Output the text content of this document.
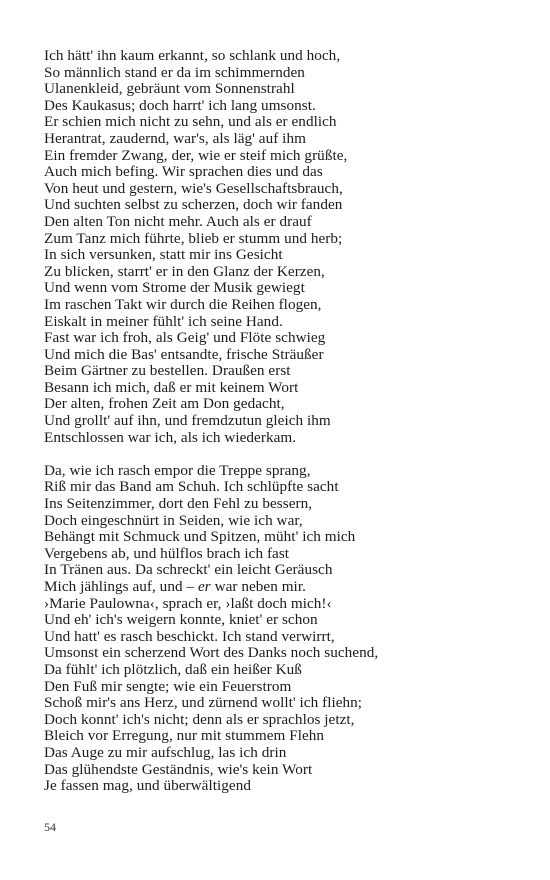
Ich hätt' ihn kaum erkannt, so schlank und hoch,
So männlich stand er da im schimmernden
Ulanenkleid, gebräunt vom Sonnenstrahl
Des Kaukasus; doch harrt' ich lang umsonst.
Er schien mich nicht zu sehn, und als er endlich
Herantrat, zaudernd, war's, als läg' auf ihm
Ein fremder Zwang, der, wie er steif mich grüßte,
Auch mich befing. Wir sprachen dies und das
Von heut und gestern, wie's Gesellschaftsbrauch,
Und suchten selbst zu scherzen, doch wir fanden
Den alten Ton nicht mehr. Auch als er drauf
Zum Tanz mich führte, blieb er stumm und herb;
In sich versunken, statt mir ins Gesicht
Zu blicken, starrt' er in den Glanz der Kerzen,
Und wenn vom Strome der Musik gewiegt
Im raschen Takt wir durch die Reihen flogen,
Eiskalt in meiner fühlt' ich seine Hand.
Fast war ich froh, als Geig' und Flöte schwieg
Und mich die Bas' entsandte, frische Sträußer
Beim Gärtner zu bestellen. Draußen erst
Besann ich mich, daß er mit keinem Wort
Der alten, frohen Zeit am Don gedacht,
Und grollt' auf ihn, und fremdzutun gleich ihm
Entschlossen war ich, als ich wiederkam.
Da, wie ich rasch empor die Treppe sprang,
Riß mir das Band am Schuh. Ich schlüpfte sacht
Ins Seitenzimmer, dort den Fehl zu bessern,
Doch eingeschnürt in Seiden, wie ich war,
Behängt mit Schmuck und Spitzen, müht' ich mich
Vergebens ab, und hülflos brach ich fast
In Tränen aus. Da schreckt' ein leicht Geräusch
Mich jählings auf, und – er war neben mir.
›Marie Paulowna‹, sprach er, ›laßt doch mich!‹
Und eh' ich's weigern konnte, kniet' er schon
Und hatt' es rasch beschickt. Ich stand verwirrt,
Umsonst ein scherzend Wort des Danks noch suchend,
Da fühlt' ich plötzlich, daß ein heißer Kuß
Den Fuß mir sengte; wie ein Feuerstrom
Schoß mir's ans Herz, und zürnend wollt' ich fliehn;
Doch konnt' ich's nicht; denn als er sprachlos jetzt,
Bleich vor Erregung, nur mit stummem Flehn
Das Auge zu mir aufschlug, las ich drin
Das glühendste Geständnis, wie's kein Wort
Je fassen mag, und überwältigend
54
